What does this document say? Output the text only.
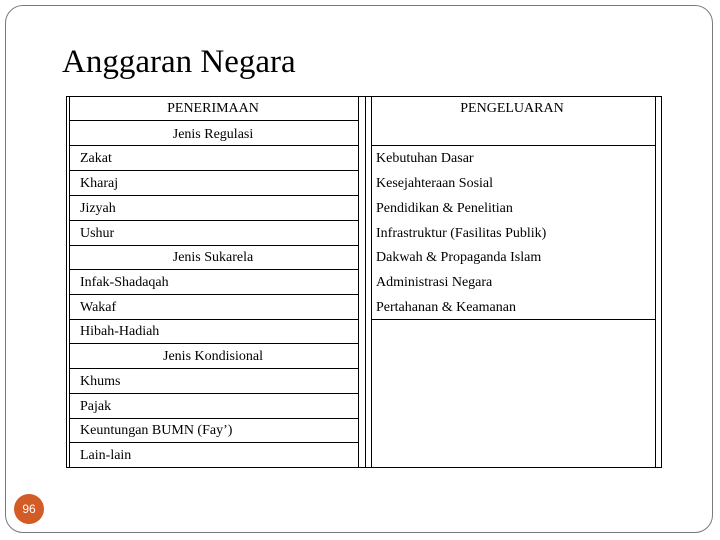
Anggaran Negara
PENERIMAAN	PENGELUARAN
Jenis Regulasi
Zakat
Kharaj
Jizyah
Ushur
Jenis Sukarela
Infak-Shadaqah
Wakaf
Hibah-Hadiah
Jenis Kondisional
Khums
Pajak
Keuntungan BUMN (Fay’)
Lain-lain
Kebutuhan Dasar
Kesejahteraan Sosial
Pendidikan & Penelitian
Infrastruktur (Fasilitas Publik)
Dakwah & Propaganda Islam
Administrasi Negara
Pertahanan & Keamanan
96
